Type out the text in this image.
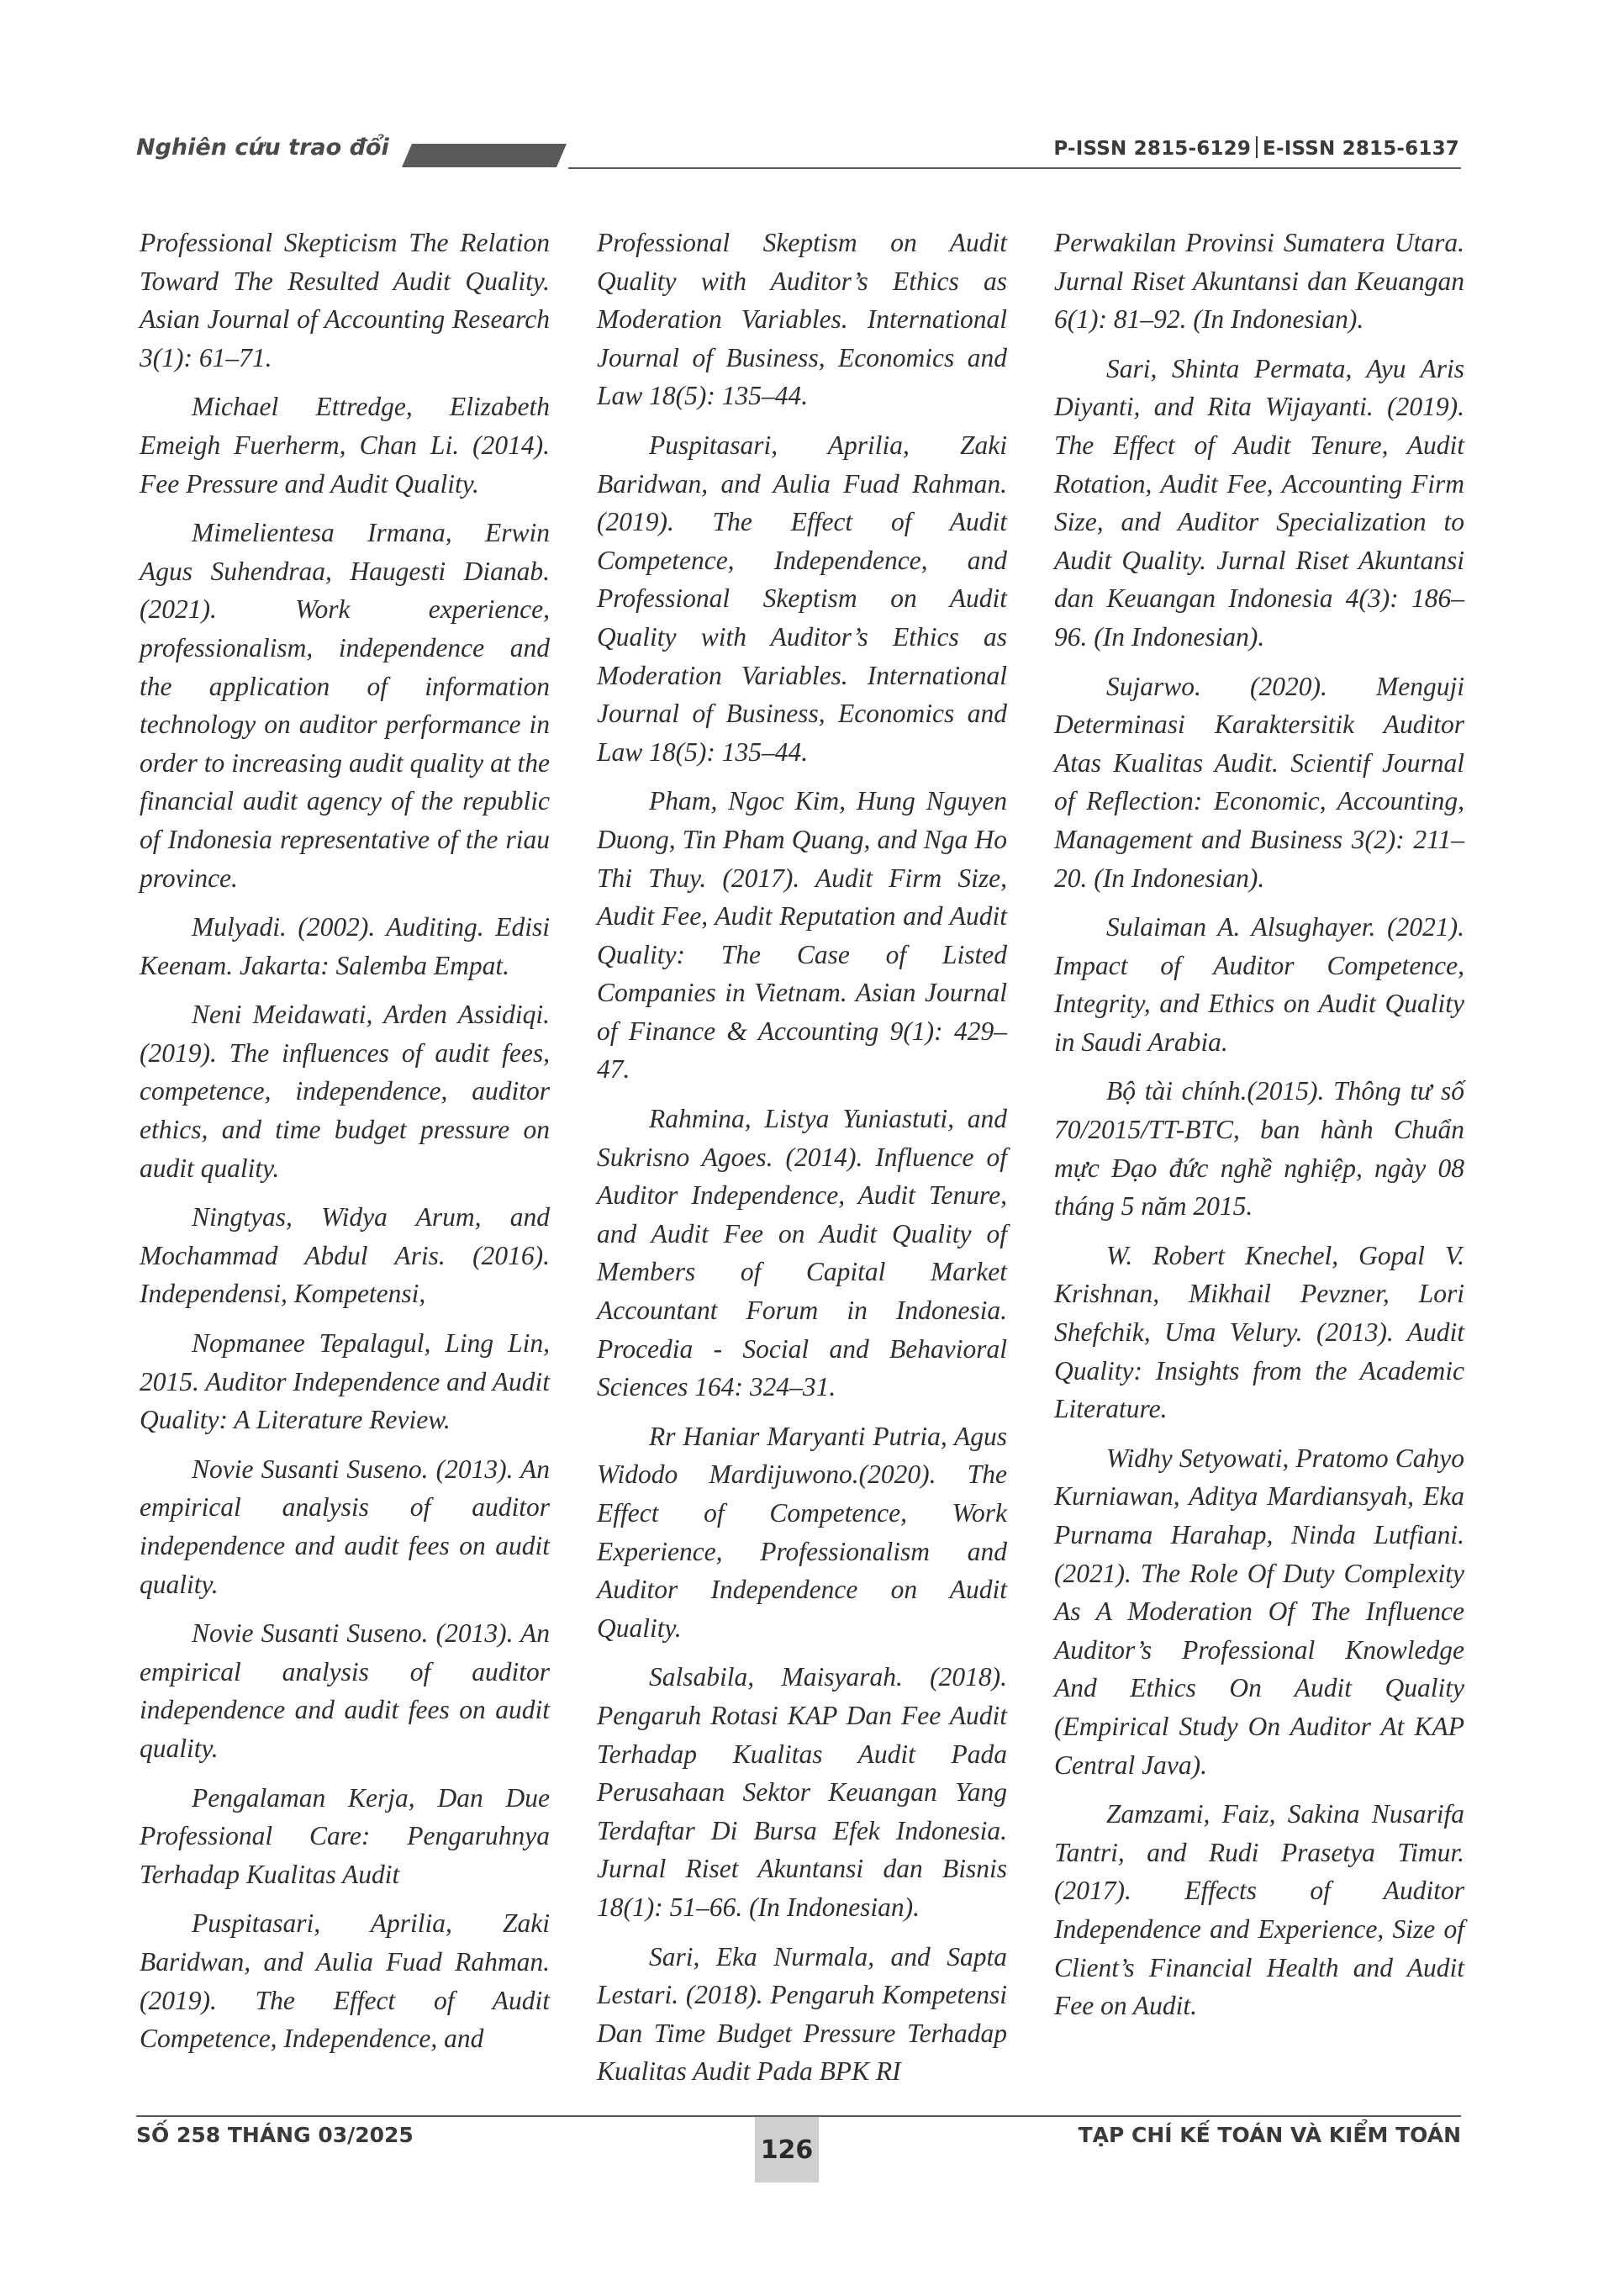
Nghiên cứu trao đổi	P-ISSN 2815-6129 E-ISSN 2815-6137

Professional Skepticism The Relation Toward The Resulted Audit Quality. Asian Journal of Accounting Research 3(1): 61–71.

Michael Ettredge, Elizabeth Emeigh Fuerherm, Chan Li. (2014). Fee Pressure and Audit Quality.

Mimelientesa Irmana, Erwin Agus Suhendraa, Haugesti Dianab. (2021). Work experience, professionalism, independence and the application of information technology on auditor performance in order to increasing audit quality at the financial audit agency of the republic of Indonesia representative of the riau province.

Mulyadi. (2002). Auditing. Edisi Keenam. Jakarta: Salemba Empat.

Neni Meidawati, Arden Assidiqi. (2019). The influences of audit fees, competence, independence, auditor ethics, and time budget pressure on audit quality.

Ningtyas, Widya Arum, and Mochammad Abdul Aris. (2016). Independensi, Kompetensi,

Nopmanee Tepalagul, Ling Lin, 2015. Auditor Independence and Audit Quality: A Literature Review.

Novie Susanti Suseno. (2013). An empirical analysis of auditor independence and audit fees on audit quality.

Novie Susanti Suseno. (2013). An empirical analysis of auditor independence and audit fees on audit quality.

Pengalaman Kerja, Dan Due Professional Care: Pengaruhnya Terhadap Kualitas Audit

Puspitasari, Aprilia, Zaki Baridwan, and Aulia Fuad Rahman. (2019). The Effect of Audit Competence, Independence, and

Professional Skeptism on Audit Quality with Auditor’s Ethics as Moderation Variables. International Journal of Business, Economics and Law 18(5): 135–44.

Puspitasari, Aprilia, Zaki Baridwan, and Aulia Fuad Rahman. (2019). The Effect of Audit Competence, Independence, and Professional Skeptism on Audit Quality with Auditor’s Ethics as Moderation Variables. International Journal of Business, Economics and Law 18(5): 135–44.

Pham, Ngoc Kim, Hung Nguyen Duong, Tin Pham Quang, and Nga Ho Thi Thuy. (2017). Audit Firm Size, Audit Fee, Audit Reputation and Audit Quality: The Case of Listed Companies in Vietnam. Asian Journal of Finance & Accounting 9(1): 429–47.

Rahmina, Listya Yuniastuti, and Sukrisno Agoes. (2014). Influence of Auditor Independence, Audit Tenure, and Audit Fee on Audit Quality of Members of Capital Market Accountant Forum in Indonesia. Procedia - Social and Behavioral Sciences 164: 324–31.

Rr Haniar Maryanti Putria, Agus Widodo Mardijuwono.(2020). The Effect of Competence, Work Experience, Professionalism and Auditor Independence on Audit Quality.

Salsabila, Maisyarah. (2018). Pengaruh Rotasi KAP Dan Fee Audit Terhadap Kualitas Audit Pada Perusahaan Sektor Keuangan Yang Terdaftar Di Bursa Efek Indonesia. Jurnal Riset Akuntansi dan Bisnis 18(1): 51–66. (In Indonesian).

Sari, Eka Nurmala, and Sapta Lestari. (2018). Pengaruh Kompetensi Dan Time Budget Pressure Terhadap Kualitas Audit Pada BPK RI

Perwakilan Provinsi Sumatera Utara. Jurnal Riset Akuntansi dan Keuangan 6(1): 81–92. (In Indonesian).

Sari, Shinta Permata, Ayu Aris Diyanti, and Rita Wijayanti. (2019). The Effect of Audit Tenure, Audit Rotation, Audit Fee, Accounting Firm Size, and Auditor Specialization to Audit Quality. Jurnal Riset Akuntansi dan Keuangan Indonesia 4(3): 186–96. (In Indonesian).

Sujarwo. (2020). Menguji Determinasi Karaktersitik Auditor Atas Kualitas Audit. Scientif Journal of Reflection: Economic, Accounting, Management and Business 3(2): 211–20. (In Indonesian).

Sulaiman A. Alsughayer. (2021). Impact of Auditor Competence, Integrity, and Ethics on Audit Quality in Saudi Arabia.

Bộ tài chính.(2015). Thông tư số 70/2015/TT-BTC, ban hành Chuẩn mực Đạo đức nghề nghiệp, ngày 08 tháng 5 năm 2015.

W. Robert Knechel, Gopal V. Krishnan, Mikhail Pevzner, Lori Shefchik, Uma Velury. (2013). Audit Quality: Insights from the Academic Literature.

Widhy Setyowati, Pratomo Cahyo Kurniawan, Aditya Mardiansyah, Eka Purnama Harahap, Ninda Lutfiani. (2021). The Role Of Duty Complexity As A Moderation Of The Influence Auditor’s Professional Knowledge And Ethics On Audit Quality (Empirical Study On Auditor At KAP Central Java).

Zamzami, Faiz, Sakina Nusarifa Tantri, and Rudi Prasetya Timur. (2017). Effects of Auditor Independence and Experience, Size of Client’s Financial Health and Audit Fee on Audit.

SỐ 258 THÁNG 03/2025	126	TẠP CHÍ KẾ TOÁN VÀ KIỂM TOÁN
